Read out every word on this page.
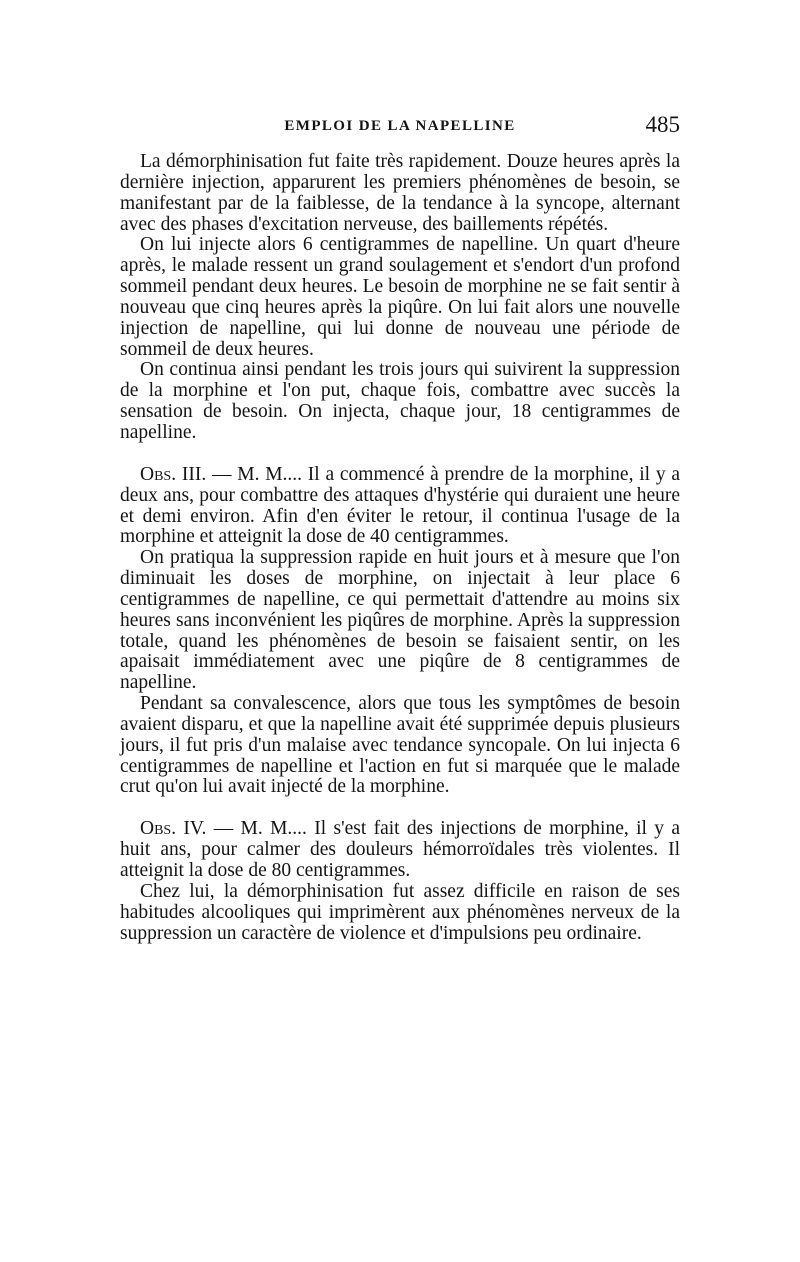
EMPLOI DE LA NAPELLINE	485

La démorphinisation fut faite très rapidement. Douze heures après la dernière injection, apparurent les premiers phénomènes de besoin, se manifestant par de la faiblesse, de la tendance à la syncope, alternant avec des phases d'excitation nerveuse, des baillements répétés.

On lui injecte alors 6 centigrammes de napelline. Un quart d'heure après, le malade ressent un grand soulagement et s'endort d'un profond sommeil pendant deux heures. Le besoin de morphine ne se fait sentir à nouveau que cinq heures après la piqûre. On lui fait alors une nouvelle injection de napelline, qui lui donne de nouveau une période de sommeil de deux heures.

On continua ainsi pendant les trois jours qui suivirent la suppression de la morphine et l'on put, chaque fois, combattre avec succès la sensation de besoin. On injecta, chaque jour, 18 centigrammes de napelline.

Obs. III. — M. M.... Il a commencé à prendre de la morphine, il y a deux ans, pour combattre des attaques d'hystérie qui duraient une heure et demi environ. Afin d'en éviter le retour, il continua l'usage de la morphine et atteignit la dose de 40 centigrammes.

On pratiqua la suppression rapide en huit jours et à mesure que l'on diminuait les doses de morphine, on injectait à leur place 6 centigrammes de napelline, ce qui permettait d'attendre au moins six heures sans inconvénient les piqûres de morphine. Après la suppression totale, quand les phénomènes de besoin se faisaient sentir, on les apaisait immédiatement avec une piqûre de 8 centigrammes de napelline.

Pendant sa convalescence, alors que tous les symptômes de besoin avaient disparu, et que la napelline avait été supprimée depuis plusieurs jours, il fut pris d'un malaise avec tendance syncopale. On lui injecta 6 centigrammes de napelline et l'action en fut si marquée que le malade crut qu'on lui avait injecté de la morphine.

Obs. IV. — M. M.... Il s'est fait des injections de morphine, il y a huit ans, pour calmer des douleurs hémorroïdales très violentes. Il atteignit la dose de 80 centigrammes.

Chez lui, la démorphinisation fut assez difficile en raison de ses habitudes alcooliques qui imprimèrent aux phénomènes nerveux de la suppression un caractère de violence et d'impulsions peu ordinaire.
